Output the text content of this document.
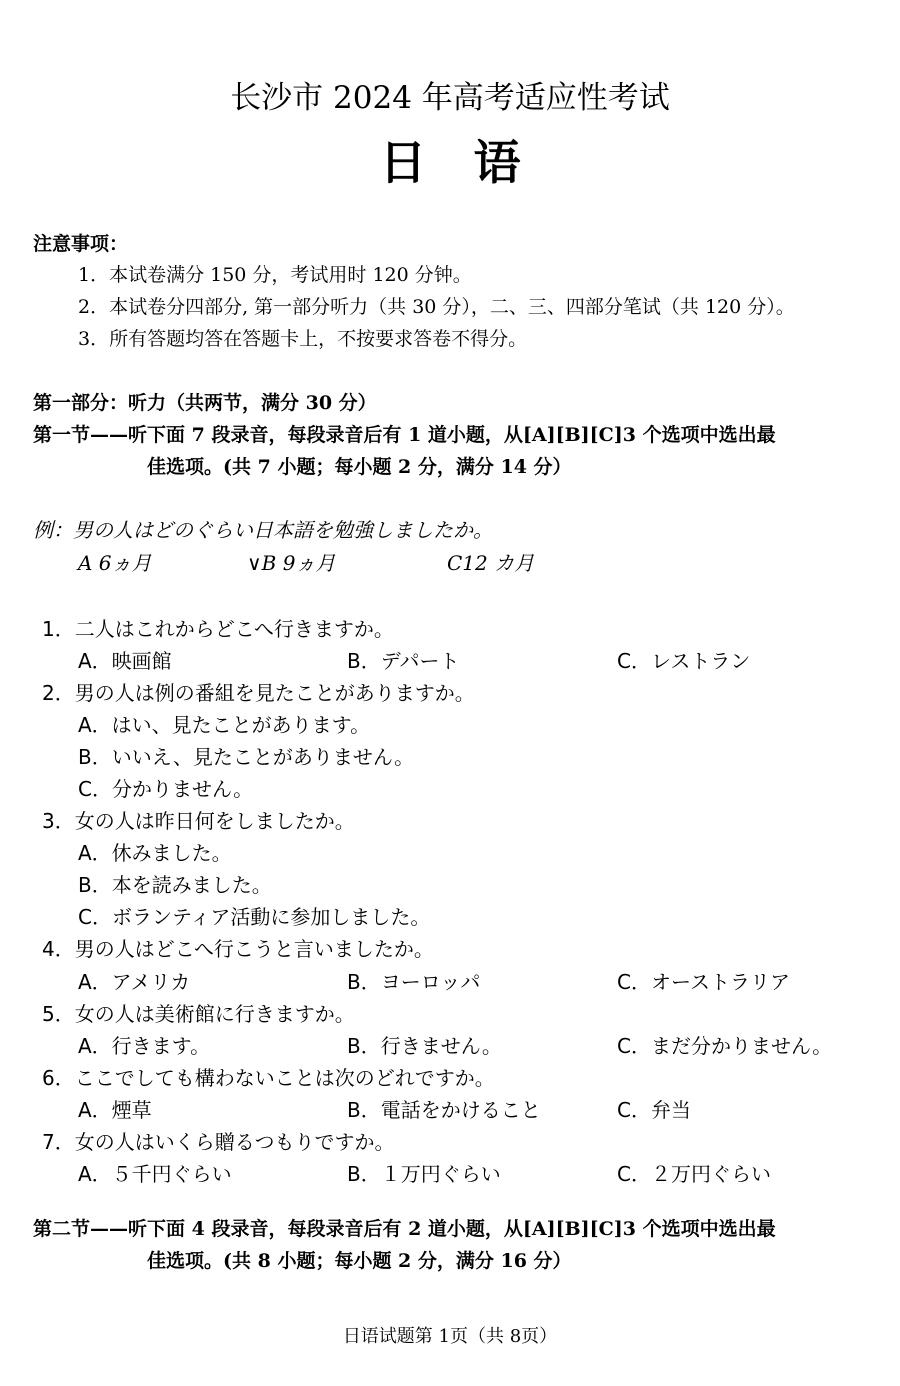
长沙市 2024 年高考适应性考试
日　语
注意事项：
1．本试卷满分 150 分，考试用时 120 分钟。
2．本试卷分四部分, 第一部分听力（共 30 分），二、三、四部分笔试（共 120 分）。
3．所有答题均答在答题卡上，不按要求答卷不得分。
第一部分：听力（共两节，满分 30 分）
第一节——听下面 7 段录音，每段录音后有 1 道小题，从[A][B][C]3 个选项中选出最
佳选项。(共 7 小题；每小题 2 分，满分 14 分）
例：男の人はどのぐらい日本語を勉強しましたか。
A 6ヵ月	∨B 9ヵ月	C12 カ月
1．二人はこれからどこへ行きますか。
A．映画館	B．デパート	C．レストラン
2．男の人は例の番組を見たことがありますか。
A．はい、見たことがあります。
B．いいえ、見たことがありません。
C．分かりません。
3．女の人は昨日何をしましたか。
A．休みました。
B．本を読みました。
C．ボランティア活動に参加しました。
4．男の人はどこへ行こうと言いましたか。
A．アメリカ	B．ヨーロッパ	C．オーストラリア
5．女の人は美術館に行きますか。
A．行きます。	B．行きません。	C．まだ分かりません。
6．ここでしても構わないことは次のどれですか。
A．煙草	B．電話をかけること	C．弁当
7．女の人はいくら贈るつもりですか。
A．５千円ぐらい	B．１万円ぐらい	C．２万円ぐらい
第二节——听下面 4 段录音，每段录音后有 2 道小题，从[A][B][C]3 个选项中选出最
佳选项。(共 8 小题；每小题 2 分，满分 16 分）
日语试题第 1页（共 8页）
